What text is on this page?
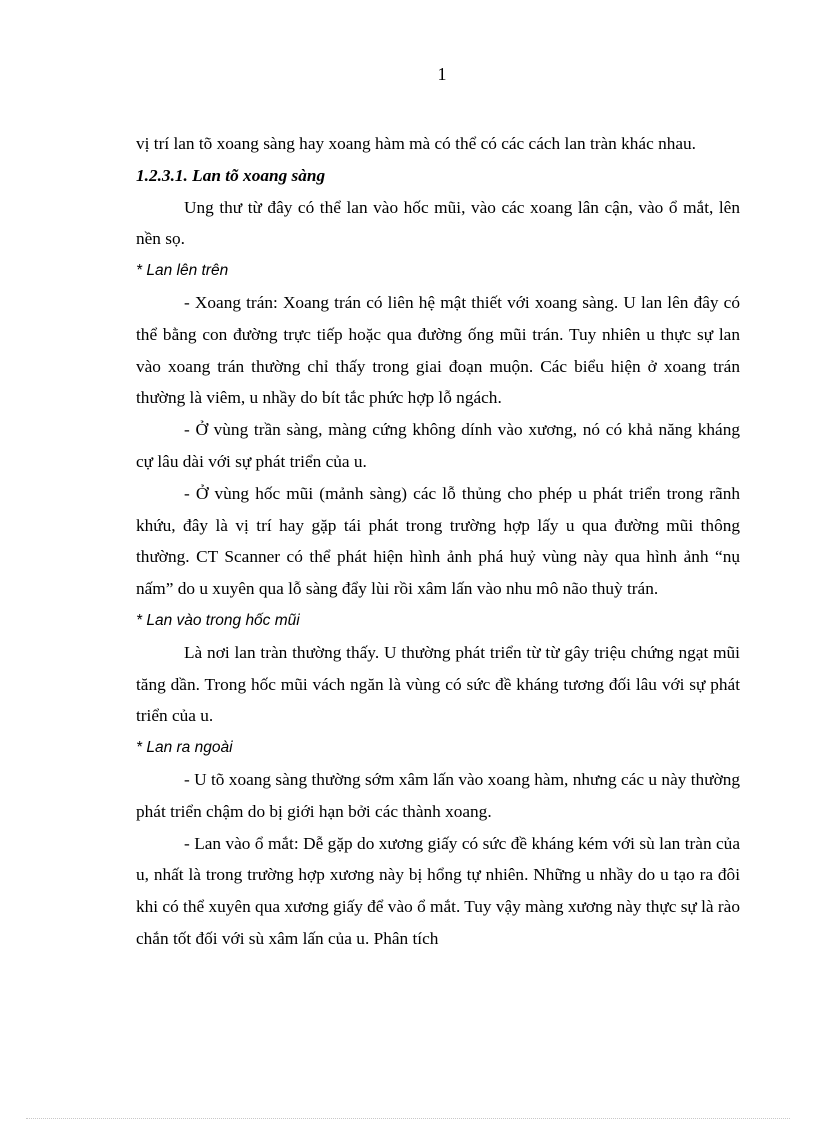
1

vị trí lan tõ xoang sàng hay xoang hàm mà có thể có các cách lan tràn khác nhau.

1.2.3.1. Lan tõ xoang sàng

Ung thư từ đây có thể lan vào hốc mũi, vào các xoang lân cận, vào ổ mắt, lên nền sọ.

* Lan lên trên

- Xoang trán: Xoang trán có liên hệ mật thiết với xoang sàng. U lan lên đây có thể bằng con đường trực tiếp hoặc qua đường ống mũi trán. Tuy nhiên u thực sự lan vào xoang trán thường chỉ thấy trong giai đoạn muộn. Các biểu hiện ở xoang trán thường là viêm, u nhầy do bít tắc phức hợp lỗ ngách.

- Ở vùng trần sàng, màng cứng không dính vào xương, nó có khả năng kháng cự lâu dài với sự phát triển của u.

- Ở vùng hốc mũi (mảnh sàng) các lỗ thủng cho phép u phát triển trong rãnh khứu, đây là vị trí hay gặp tái phát trong trường hợp lấy u qua đường mũi thông thường. CT Scanner có thể phát hiện hình ảnh phá huỷ vùng này qua hình ảnh “nụ nấm” do u xuyên qua lỗ sàng đẩy lùi rồi xâm lấn vào nhu mô não thuỳ trán.

* Lan vào trong hốc mũi

Là nơi lan tràn thường thấy. U thường phát triển từ từ gây triệu chứng ngạt mũi tăng dần. Trong hốc mũi vách ngăn là vùng có sức đề kháng tương đối lâu với sự phát triển của u.

* Lan ra ngoài

- U tõ xoang sàng thường sớm xâm lấn vào xoang hàm, nhưng các u này thường phát triển chậm do bị giới hạn bởi các thành xoang.

- Lan vào ổ mắt: Dễ gặp do xương giấy có sức đề kháng kém với sù lan tràn của u, nhất là trong trường hợp xương này bị hổng tự nhiên. Những u nhầy do u tạo ra đôi khi có thể xuyên qua xương giấy để vào ổ mắt. Tuy vậy màng xương này thực sự là rào chắn tốt đối với sù xâm lấn của u. Phân tích
